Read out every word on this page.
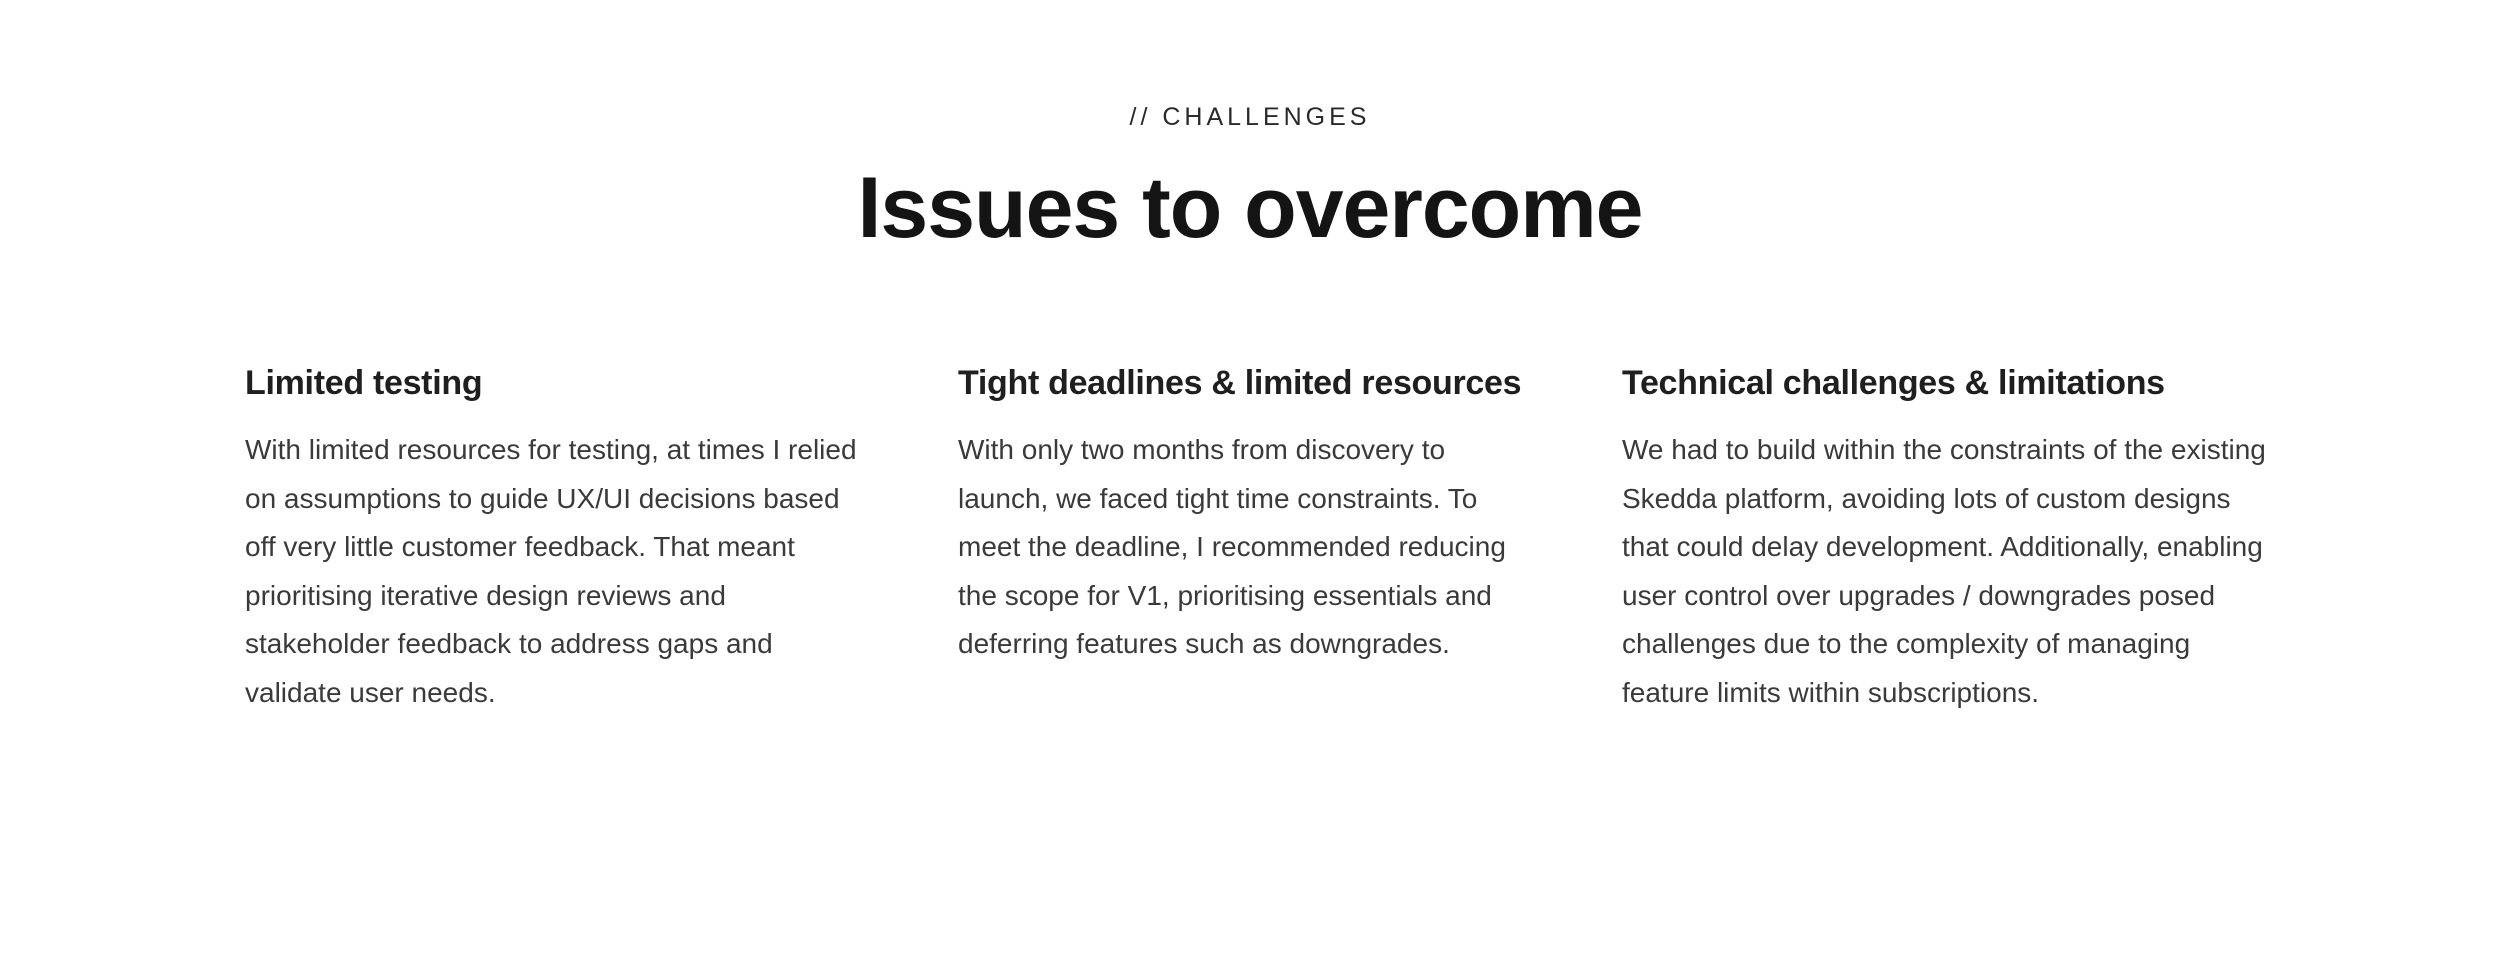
// CHALLENGES
Issues to overcome
Limited testing

With limited resources for testing, at times I relied on assumptions to guide UX/UI decisions based off very little customer feedback. That meant prioritising iterative design reviews and stakeholder feedback to address gaps and validate user needs.

Tight deadlines & limited resources

With only two months from discovery to launch, we faced tight time constraints. To meet the deadline, I recommended reducing the scope for V1, prioritising essentials and deferring features such as downgrades.

Technical challenges & limitations

We had to build within the constraints of the existing Skedda platform, avoiding lots of custom designs that could delay development. Additionally, enabling user control over upgrades / downgrades posed challenges due to the complexity of managing feature limits within subscriptions.
